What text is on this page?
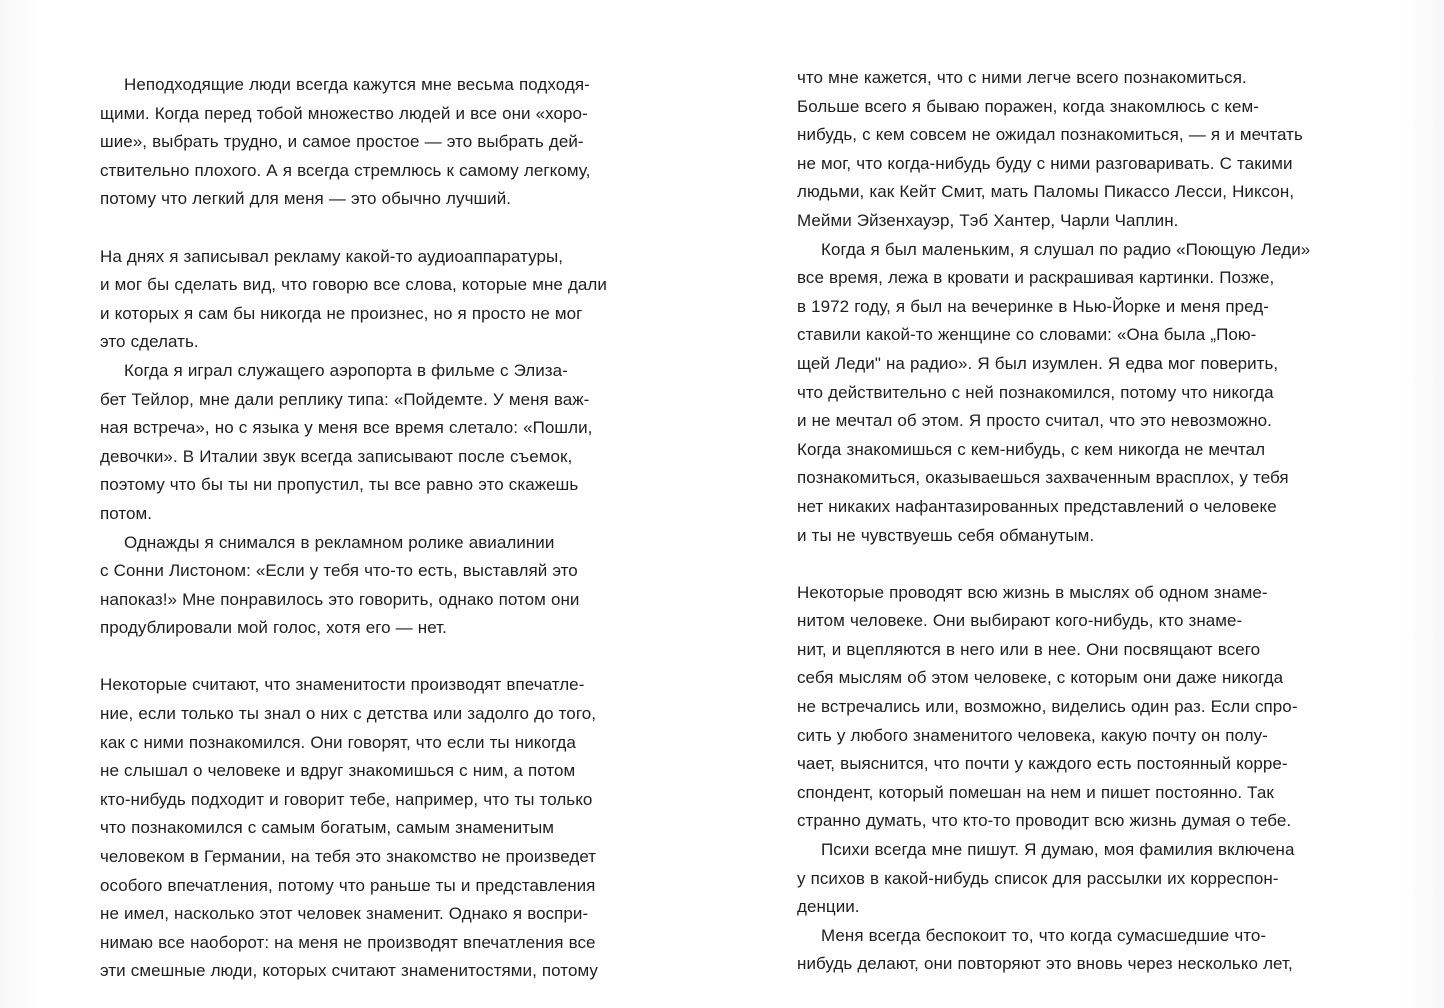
Неподходящие люди всегда кажутся мне весьма подходя-
щими. Когда перед тобой множество людей и все они «хоро-
шие», выбрать трудно, и самое простое — это выбрать дей-
ствительно плохого. А я всегда стремлюсь к самому легкому,
потому что легкий для меня — это обычно лучший.
На днях я записывал рекламу какой-то аудиоаппаратуры,
и мог бы сделать вид, что говорю все слова, которые мне дали
и которых я сам бы никогда не произнес, но я просто не мог
это сделать.
Когда я играл служащего аэропорта в фильме с Элиза-
бет Тейлор, мне дали реплику типа: «Пойдемте. У меня важ-
ная встреча», но с языка у меня все время слетало: «Пошли,
девочки». В Италии звук всегда записывают после съемок,
поэтому что бы ты ни пропустил, ты все равно это скажешь
потом.
Однажды я снимался в рекламном ролике авиалинии
с Сонни Листоном: «Если у тебя что-то есть, выставляй это
напоказ!» Мне понравилось это говорить, однако потом они
продублировали мой голос, хотя его — нет.
Некоторые считают, что знаменитости производят впечатле-
ние, если только ты знал о них с детства или задолго до того,
как с ними познакомился. Они говорят, что если ты никогда
не слышал о человеке и вдруг знакомишься с ним, а потом
кто-нибудь подходит и говорит тебе, например, что ты только
что познакомился с самым богатым, самым знаменитым
человеком в Германии, на тебя это знакомство не произведет
особого впечатления, потому что раньше ты и представления
не имел, насколько этот человек знаменит. Однако я воспри-
нимаю все наоборот: на меня не производят впечатления все
эти смешные люди, которых считают знаменитостями, потому
что мне кажется, что с ними легче всего познакомиться.
Больше всего я бываю поражен, когда знакомлюсь с кем-
нибудь, с кем совсем не ожидал познакомиться, — я и мечтать
не мог, что когда-нибудь буду с ними разговаривать. С такими
людьми, как Кейт Смит, мать Паломы Пикассо Лесси, Никсон,
Мейми Эйзенхауэр, Тэб Хантер, Чарли Чаплин.
Когда я был маленьким, я слушал по радио «Поющую Леди»
все время, лежа в кровати и раскрашивая картинки. Позже,
в 1972 году, я был на вечеринке в Нью-Йорке и меня пред-
ставили какой-то женщине со словами: «Она была „Пою-
щей Леди" на радио». Я был изумлен. Я едва мог поверить,
что действительно с ней познакомился, потому что никогда
и не мечтал об этом. Я просто считал, что это невозможно.
Когда знакомишься с кем-нибудь, с кем никогда не мечтал
познакомиться, оказываешься захваченным врасплох, у тебя
нет никаких нафантазированных представлений о человеке
и ты не чувствуешь себя обманутым.
Некоторые проводят всю жизнь в мыслях об одном знаме-
нитом человеке. Они выбирают кого-нибудь, кто знаме-
нит, и вцепляются в него или в нее. Они посвящают всего
себя мыслям об этом человеке, с которым они даже никогда
не встречались или, возможно, виделись один раз. Если спро-
сить у любого знаменитого человека, какую почту он полу-
чает, выяснится, что почти у каждого есть постоянный корре-
спондент, который помешан на нем и пишет постоянно. Так
странно думать, что кто-то проводит всю жизнь думая о тебе.
Психи всегда мне пишут. Я думаю, моя фамилия включена
у психов в какой-нибудь список для рассылки их корреспон-
денции.
Меня всегда беспокоит то, что когда сумасшедшие что-
нибудь делают, они повторяют это вновь через несколько лет,
